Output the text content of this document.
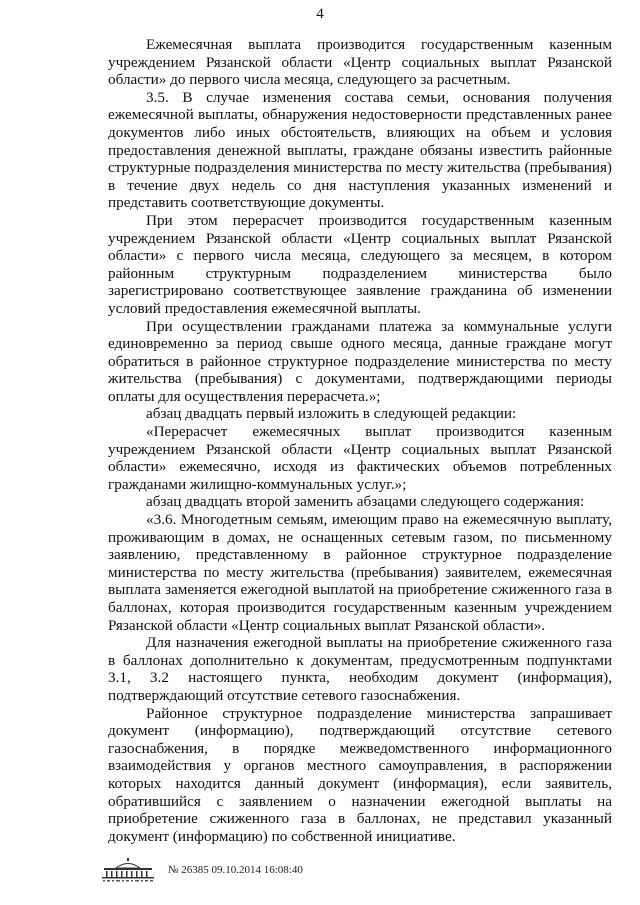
4

Ежемесячная выплата производится государственным казенным учреждением Рязанской области «Центр социальных выплат Рязанской области» до первого числа месяца, следующего за расчетным.

3.5. В случае изменения состава семьи, основания получения ежемесячной выплаты, обнаружения недостоверности представленных ранее документов либо иных обстоятельств, влияющих на объем и условия предоставления денежной выплаты, граждане обязаны известить районные структурные подразделения министерства по месту жительства (пребывания) в течение двух недель со дня наступления указанных изменений и представить соответствующие документы.

При этом перерасчет производится государственным казенным учреждением Рязанской области «Центр социальных выплат Рязанской области» с первого числа месяца, следующего за месяцем, в котором районным структурным подразделением министерства было зарегистрировано соответствующее заявление гражданина об изменении условий предоставления ежемесячной выплаты.

При осуществлении гражданами платежа за коммунальные услуги единовременно за период свыше одного месяца, данные граждане могут обратиться в районное структурное подразделение министерства по месту жительства (пребывания) с документами, подтверждающими периоды оплаты для осуществления перерасчета.»;

абзац двадцать первый изложить в следующей редакции:

«Перерасчет ежемесячных выплат производится казенным учреждением Рязанской области «Центр социальных выплат Рязанской области» ежемесячно, исходя из фактических объемов потребленных гражданами жилищно-коммунальных услуг.»;

абзац двадцать второй заменить абзацами следующего содержания:

«3.6. Многодетным семьям, имеющим право на ежемесячную выплату, проживающим в домах, не оснащенных сетевым газом, по письменному заявлению, представленному в районное структурное подразделение министерства по месту жительства (пребывания) заявителем, ежемесячная выплата заменяется ежегодной выплатой на приобретение сжиженного газа в баллонах, которая производится государственным казенным учреждением Рязанской области «Центр социальных выплат Рязанской области».

Для назначения ежегодной выплаты на приобретение сжиженного газа в баллонах дополнительно к документам, предусмотренным подпунктами 3.1, 3.2 настоящего пункта, необходим документ (информация), подтверждающий отсутствие сетевого газоснабжения.

Районное структурное подразделение министерства запрашивает документ (информацию), подтверждающий отсутствие сетевого газоснабжения, в порядке межведомственного информационного взаимодействия у органов местного самоуправления, в распоряжении которых находится данный документ (информация), если заявитель, обратившийся с заявлением о назначении ежегодной выплаты на приобретение сжиженного газа в баллонах, не представил указанный документ (информацию) по собственной инициативе.

№ 26385 09.10.2014 16:08:40
